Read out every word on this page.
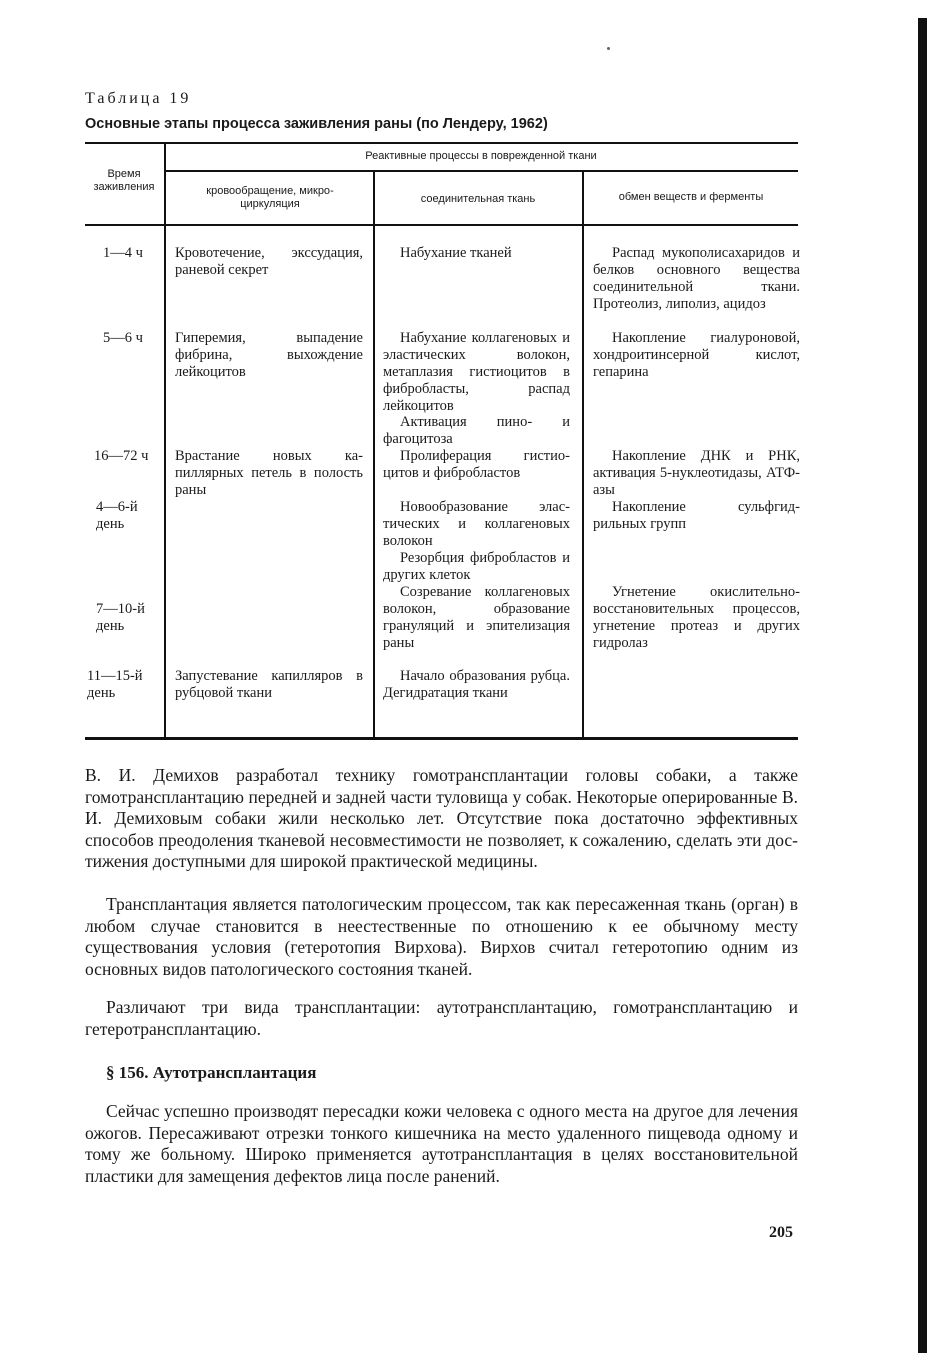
Таблица 19
Основные этапы процесса заживления раны (по Лендеру, 1962)
Время заживления
Реактивные процессы в поврежденной ткани
кровообращение, микроциркуляция	соединительная ткань	обмен веществ и ферменты
1—4 ч
5—6 ч
16—72 ч
4—6-й день
7—10-й день
11—15-й день

Кровотечение, экссудация, раневой секрет

Гиперемия, выпадение фибрина, выхождение лейкоцитов

Врастание новых капиллярных петель в полость раны

Запустевание капилляров в рубцовой ткани

Набухание тканей

Набухание коллагеновых и эластических волокон, метаплазия гистиоцитов в фибробласты, распад лейкоцитов

Активация пино- и фагоцитоза

Пролиферация гистиоцитов и фибробластов

Новообразование эластических и коллагеновых волокон

Резорбция фибробластов и других клеток

Созревание коллагеновых волокон, образование грануляций и эпителизация раны

Начало образования рубца. Дегидратация ткани

Распад мукополисахаридов и белков основного вещества соединительной ткани. Протеолиз, липолиз, ацидоз

Накопление гиалуроновой, хондроитинсерной кислот, гепарина

Накопление ДНК и РНК, активация 5-нуклеотидазы, АТФ-азы

Накопление сульфгидрильных групп

Угнетение окислительно-восстановительных процессов, угнетение протеаз и других гидролаз

В. И. Демихов разработал технику гомотрансплантации головы собаки, а также гомотрансплантацию передней и задней части туловища у собак. Некоторые оперированные В. И. Демиховым собаки жили несколько лет. Отсутствие пока достаточно эффективных способов преодоления тканевой несовместимости не позволяет, к сожалению, сделать эти достижения доступными для широкой практической медицины.

Трансплантация является патологическим процессом, так как пересаженная ткань (орган) в любом случае становится в неестественные по отношению к ее обычному месту существования условия (гетеротопия Вирхова). Вирхов считал гетеротопию одним из основных видов патологического состояния тканей.

Различают три вида трансплантации: аутотрансплантацию, гомотрансплантацию и гетеротрансплантацию.

§ 156. Аутотрансплантация

Сейчас успешно производят пересадки кожи человека с одного места на другое для лечения ожогов. Пересаживают отрезки тонкого кишечника на место удаленного пищевода одному и тому же больному. Широко применяется аутотрансплантация в целях восстановительной пластики для замещения дефектов лица после ранений.

205
